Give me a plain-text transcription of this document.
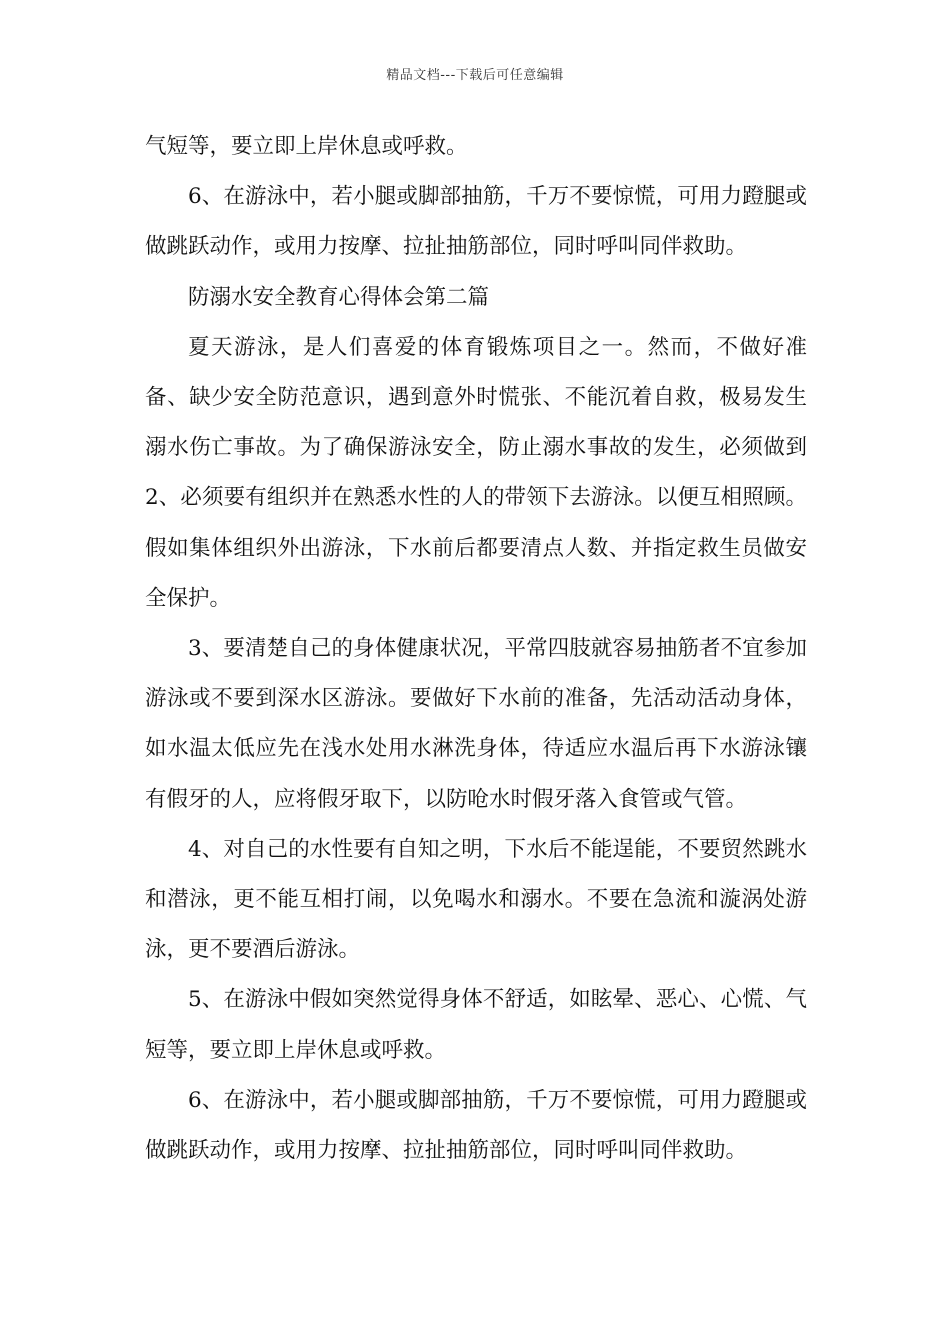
精品文档---下载后可任意编辑

气短等，要立即上岸休息或呼救。

6、在游泳中，若小腿或脚部抽筋，千万不要惊慌，可用力蹬腿或做跳跃动作，或用力按摩、拉扯抽筋部位，同时呼叫同伴救助。

防溺水安全教育心得体会第二篇

夏天游泳，是人们喜爱的体育锻炼项目之一。然而，不做好准备、缺少安全防范意识，遇到意外时慌张、不能沉着自救，极易发生溺水伤亡事故。为了确保游泳安全，防止溺水事故的发生，必须做到2、必须要有组织并在熟悉水性的人的带领下去游泳。以便互相照顾。假如集体组织外出游泳，下水前后都要清点人数、并指定救生员做安全保护。

3、要清楚自己的身体健康状况，平常四肢就容易抽筋者不宜参加游泳或不要到深水区游泳。要做好下水前的准备，先活动活动身体，如水温太低应先在浅水处用水淋洗身体，待适应水温后再下水游泳镶有假牙的人，应将假牙取下，以防呛水时假牙落入食管或气管。

4、对自己的水性要有自知之明，下水后不能逞能，不要贸然跳水和潜泳，更不能互相打闹，以免喝水和溺水。不要在急流和漩涡处游泳，更不要酒后游泳。

5、在游泳中假如突然觉得身体不舒适，如眩晕、恶心、心慌、气短等，要立即上岸休息或呼救。

6、在游泳中，若小腿或脚部抽筋，千万不要惊慌，可用力蹬腿或做跳跃动作，或用力按摩、拉扯抽筋部位，同时呼叫同伴救助。
